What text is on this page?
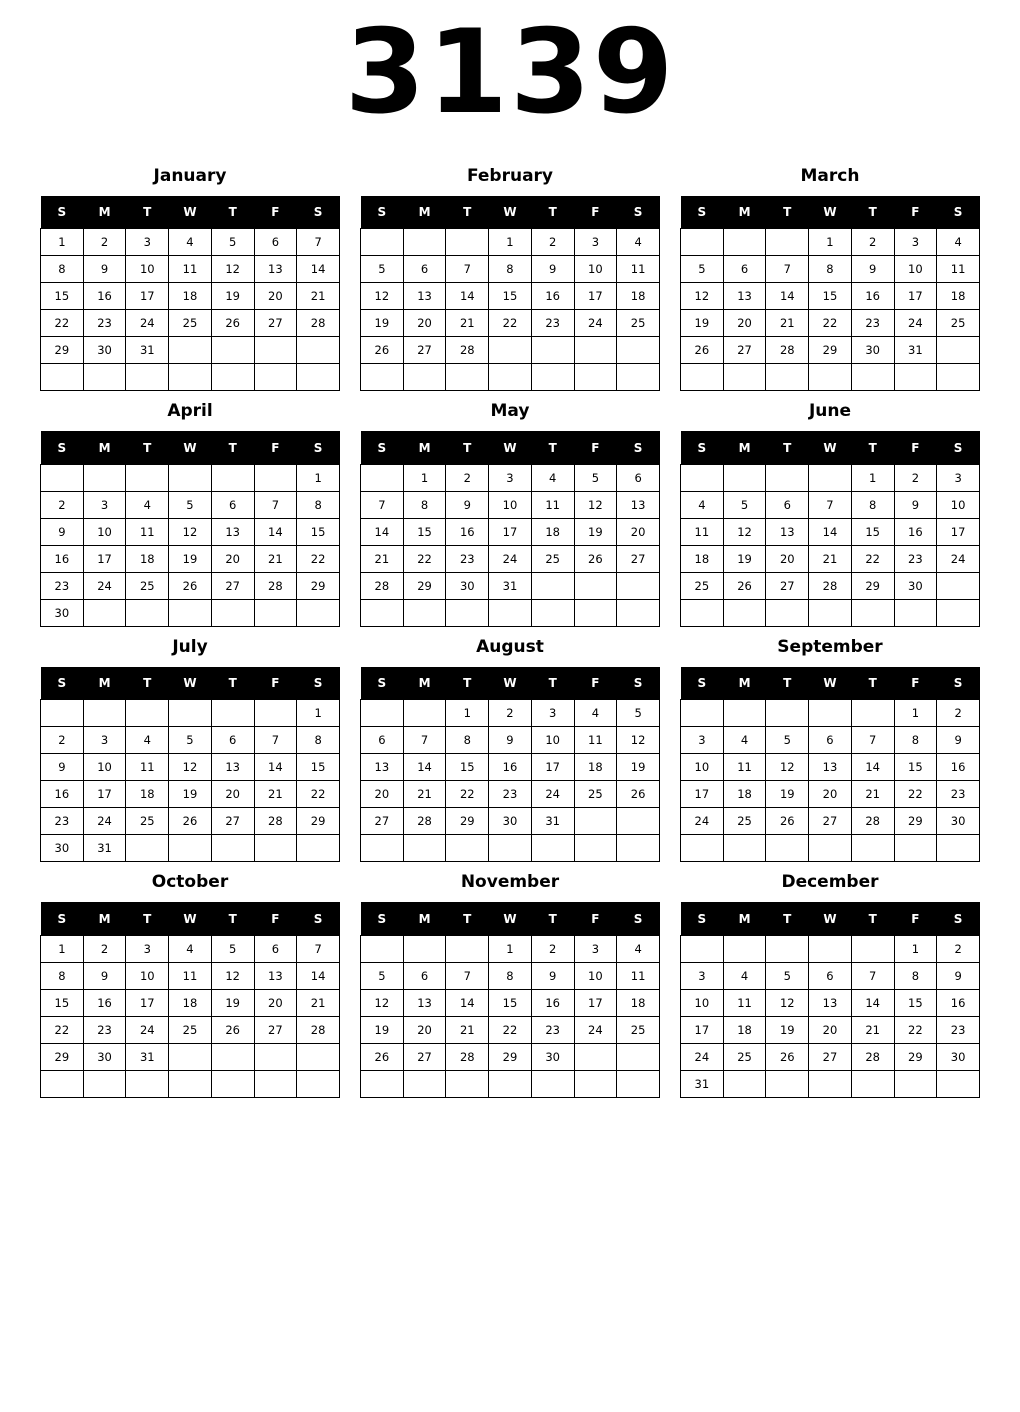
3139
January
S	M	T	W	T	F	S
1	2	3	4	5	6	7
8	9	10	11	12	13	14
15	16	17	18	19	20	21
22	23	24	25	26	27	28
29	30	31				

February
S	M	T	W	T	F	S
			1	2	3	4
5	6	7	8	9	10	11
12	13	14	15	16	17	18
19	20	21	22	23	24	25
26	27	28				

March
S	M	T	W	T	F	S
			1	2	3	4
5	6	7	8	9	10	11
12	13	14	15	16	17	18
19	20	21	22	23	24	25
26	27	28	29	30	31	

April
S	M	T	W	T	F	S
						1
2	3	4	5	6	7	8
9	10	11	12	13	14	15
16	17	18	19	20	21	22
23	24	25	26	27	28	29
30						
May
S	M	T	W	T	F	S
	1	2	3	4	5	6
7	8	9	10	11	12	13
14	15	16	17	18	19	20
21	22	23	24	25	26	27
28	29	30	31			

June
S	M	T	W	T	F	S
				1	2	3
4	5	6	7	8	9	10
11	12	13	14	15	16	17
18	19	20	21	22	23	24
25	26	27	28	29	30	

July
S	M	T	W	T	F	S
						1
2	3	4	5	6	7	8
9	10	11	12	13	14	15
16	17	18	19	20	21	22
23	24	25	26	27	28	29
30	31					
August
S	M	T	W	T	F	S
		1	2	3	4	5
6	7	8	9	10	11	12
13	14	15	16	17	18	19
20	21	22	23	24	25	26
27	28	29	30	31		

September
S	M	T	W	T	F	S
					1	2
3	4	5	6	7	8	9
10	11	12	13	14	15	16
17	18	19	20	21	22	23
24	25	26	27	28	29	30

October
S	M	T	W	T	F	S
1	2	3	4	5	6	7
8	9	10	11	12	13	14
15	16	17	18	19	20	21
22	23	24	25	26	27	28
29	30	31				

November
S	M	T	W	T	F	S
			1	2	3	4
5	6	7	8	9	10	11
12	13	14	15	16	17	18
19	20	21	22	23	24	25
26	27	28	29	30		

December
S	M	T	W	T	F	S
					1	2
3	4	5	6	7	8	9
10	11	12	13	14	15	16
17	18	19	20	21	22	23
24	25	26	27	28	29	30
31						
